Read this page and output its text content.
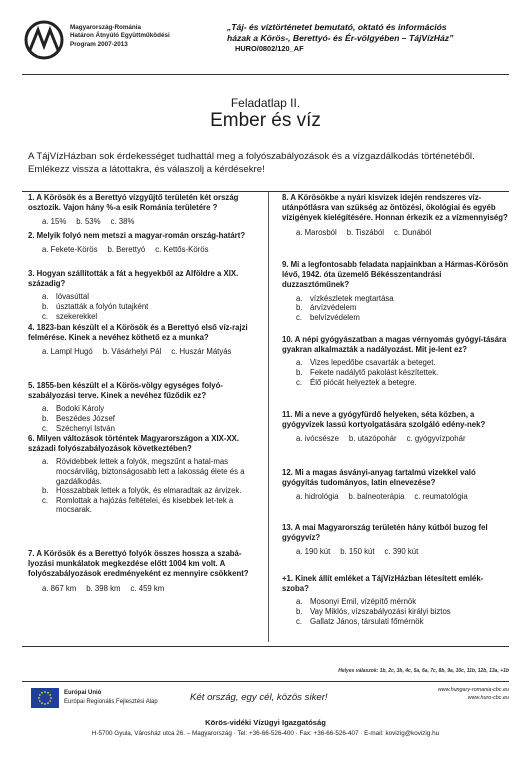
Magyarország-Románia
Határon Átnyúló Együttműködési
Program 2007-2013
„Táj- és víztörténetet bemutató, oktató és információs
házak a Körös-, Berettyó- és Ér-völgyében – TájVízHáz”
HURO/0802/120_AF
Feladatlap II.
Ember és víz
A TájVízHázban sok érdekességet tudhattál meg a folyószabályozások és a vízgazdálkodás történetéből. Emlékezz vissza a látottakra, és válaszolj a kérdésekre!
1. A Körösök és a Berettyó vízgyűjtő területén két ország osztozik. Vajon hány %-a esik Románia területére ?
a. 15% b. 53% c. 38%
2. Melyik folyó nem metszi a magyar-román ország-határt?
a. Fekete-Körös b. Berettyó c. Kettős-Körös
3. Hogyan szállították a fát a hegyekből az Alföldre a XIX. századig?
a. lóvasúttal
b. úsztatták a folyón tutajként
c.	szekerekkel
4. 1823-ban készült el a Körösök és a Berettyó első víz-rajzi felmérése. Kinek a nevéhez köthető ez a munka?
a. Lampl Hugó b. Vásárhelyi Pál c. Huszár Mátyás
5. 1855-ben készült el a Körös-völgy egységes folyó-szabályozási terve. Kinek a nevéhez fűződik ez?
a. Bodoki Károly
b. Beszédes József
c.	Széchenyi István
6. Milyen változások történtek Magyarországon a XIX-XX. századi folyószabályozások következtében?
a. Rövidebbek lettek a folyók, megszűnt a hatal-mas mocsárvilág, biztonságosabb lett a lakosság élete és a gazdálkodás.
b. Hosszabbak lettek a folyók, és elmaradtak az árvizek.
c.	Romlottak a hajózás feltételei, és kisebbek let-tek a mocsarak.
7. A Körösök és a Berettyó folyók összes hossza a szabá-lyozási munkálatok megkezdése előtt 1004 km volt. A folyószabályozások eredményeként ez mennyire csökkent?
a. 867 km b. 398 km c. 459 km
8. A Körösökbe a nyári kisvizek idején rendszeres víz-utánpótlásra van szükség az öntözési, ökológiai és egyéb vízigények kielégítésére. Honnan érkezik ez a vízmennyiség?
a. Marosból b. Tiszából c. Dunából
9. Mi a legfontosabb feladata napjainkban a Hármas-Körösön lévő, 1942. óta üzemelő Békésszentandrási duzzasztóműnek?
a. vízkészletek megtartása
b. árvízvédelem
c.	belvízvédelem
10. A népi gyógyászatban a magas vérnyomás gyógyí-tására gyakran alkalmazták a nadályozást. Mit je-lent ez?
a. Vizes lepedőbe csavarták a beteget.
b. Fekete nadálytő pakolást készítettek.
c.	Élő piócát helyeztek a betegre.
11. Mi a neve a gyógyfürdő helyeken, séta közben, a gyógyvizek lassú kortyolgatására szolgáló edény-nek?
a. ivócsésze b. utazópohár c. gyógyvízpohár
12. Mi a magas ásványi-anyag tartalmú vizekkel való gyógyítás tudományos, latin elnevezése?
a. hidrológia b. balneoterápia c. reumatológia
13. A mai Magyarország területén hány kútból buzog fel gyógyvíz?
a. 190 kút b. 150 kút c. 390 kút
+1. Kinek állít emléket a TájVízHázban létesített emlék-szoba?
a. Mosonyi Emil, vízépítő mérnök
b. Vay Miklós, vízszabályozási királyi biztos
c.	Gallatz János, társulati főmérnök
Helyes válaszok: 1b, 2c, 3b, 4c, 5a, 6a, 7c, 8b, 9a, 10c, 11b, 12b, 13a, +1b
Európai Unió
Európai Regionális Fejlesztési Alap	Két ország, egy cél, közös siker!
www.hungary-romania-cbc.eu
www.huro-cbc.eu
Körös-vidéki Vízügyi Igazgatóság
H-5700 Gyula, Városház utca 26. – Magyarország · Tel: +36-66-526-400 · Fax: +36-66-526-407 · E-mail: kovizig@kovizig.hu
